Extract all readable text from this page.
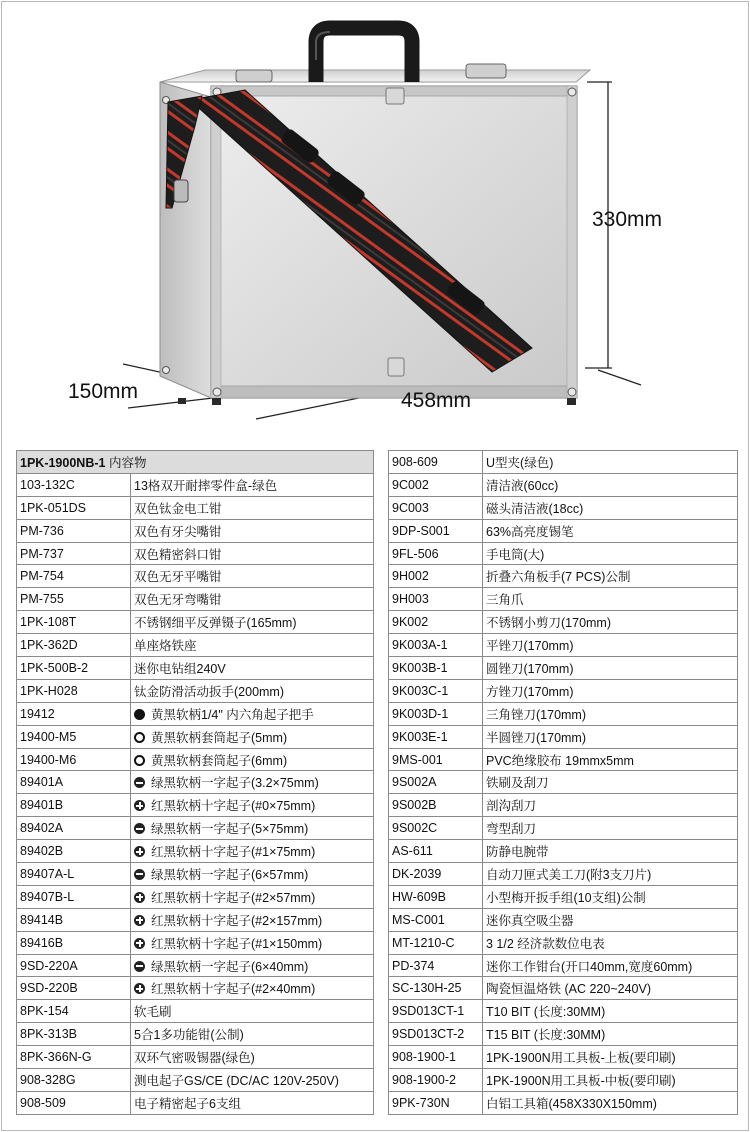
330mm
150mm	458mm
1PK-1900NB-1 内容物	
103-132C	13格双开耐摔零件盒-绿色
1PK-051DS	双色钛金电工钳
PM-736	双色有牙尖嘴钳
PM-737	双色精密斜口钳
PM-754	双色无牙平嘴钳
PM-755	双色无牙弯嘴钳
1PK-108T	不锈钢细平反弹镊子(165mm)
1PK-362D	单座烙铁座
1PK-500B-2	迷你电钻组240V
1PK-H028	钛金防滑活动扳手(200mm)
19412	黄黑软柄1/4" 内六角起子把手
19400-M5	黄黑软柄套筒起子(5mm)
19400-M6	黄黑软柄套筒起子(6mm)
89401A	绿黑软柄一字起子(3.2×75mm)
89401B	红黑软柄十字起子(#0×75mm)
89402A	绿黑软柄一字起子(5×75mm)
89402B	红黑软柄十字起子(#1×75mm)
89407A-L	绿黑软柄一字起子(6×57mm)
89407B-L	红黑软柄十字起子(#2×57mm)
89414B	红黑软柄十字起子(#2×157mm)
89416B	红黑软柄十字起子(#1×150mm)
9SD-220A	绿黑软柄一字起子(6×40mm)
9SD-220B	红黑软柄十字起子(#2×40mm)
8PK-154	软毛刷
8PK-313B	5合1多功能钳(公制)
8PK-366N-G	双环气密吸锡器(绿色)
908-328G	测电起子GS/CE (DC/AC 120V-250V)
908-509	电子精密起子6支组
908-609	U型夹(绿色)
9C002	清洁液(60cc)
9C003	磁头清洁液(18cc)
9DP-S001	63%高亮度锡笔
9FL-506	手电筒(大)
9H002	折叠六角板手(7 PCS)公制
9H003	三角爪
9K002	不锈钢小剪刀(170mm)
9K003A-1	平锉刀(170mm)
9K003B-1	圆锉刀(170mm)
9K003C-1	方锉刀(170mm)
9K003D-1	三角锉刀(170mm)
9K003E-1	半圆锉刀(170mm)
9MS-001	PVC绝缘胶布 19mmx5mm
9S002A	铁刷及刮刀
9S002B	剖沟刮刀
9S002C	弯型刮刀
AS-611	防静电腕带
DK-2039	自动刀匣式美工刀(附3支刀片)
HW-609B	小型梅开扳手组(10支组)公制
MS-C001	迷你真空吸尘器
MT-1210-C	3 1/2 经济款数位电表
PD-374	迷你工作钳台(开口40mm,宽度60mm)
SC-130H-25	陶瓷恒温烙铁 (AC 220~240V)
9SD013CT-1	T10 BIT (长度:30MM)
9SD013CT-2	T15 BIT (长度:30MM)
908-1900-1	1PK-1900N用工具板-上板(要印刷)
908-1900-2	1PK-1900N用工具板-中板(要印刷)
9PK-730N	白铝工具箱(458X330X150mm)
